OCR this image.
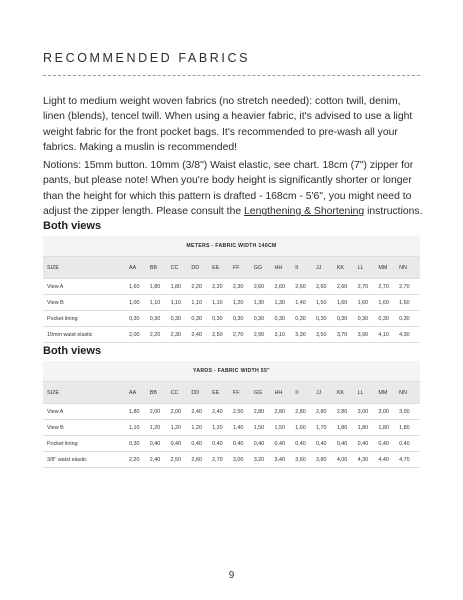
RECOMMENDED FABRICS

Light to medium weight woven fabrics (no stretch needed): cotton twill, denim, linen (blends), tencel twill. When using a heavier fabric, it's advised to use a light weight fabric for the front pocket bags. It's recommended to pre-wash all your fabrics. Making a muslin is recommended!

Notions: 15mm button. 10mm (3/8") Waist elastic, see chart. 18cm (7") zipper for pants, but please note! When you're body height is significantly shorter or longer than the height for which this pattern is drafted - 168cm - 5'6", you might need to adjust the zipper length. Please consult the Lengthening & Shortening instructions.

Both views
METERS - FABRIC WIDTH 140CM														
SIZE	AA	BB	CC	DD	EE	FF	GG	HH	II	JJ	KK	LL	MM	NN
View A	1,60	1,80	1,80	2,20	2,20	2,30	2,60	2,60	2,60	2,60	2,60	2,70	2,70	2,70
View B	1,00	1,10	1,10	1,10	1,10	1,20	1,30	1,30	1,40	1,50	1,60	1,60	1,60	1,60
Pocket lining	0,30	0,30	0,30	0,30	0,30	0,30	0,30	0,30	0,30	0,30	0,30	0,30	0,30	0,30
10mm waist elastic	2,00	2,20	2,30	2,40	2,50	2,70	2,90	3,10	3,30	3,50	3,70	3,90	4,10	4,30
Both views
YARDS - FABRIC WIDTH 55"														
SIZE	AA	BB	CC	DD	EE	FF	GG	HH	II	JJ	KK	LL	MM	NN
View A	1,80	2,00	2,00	2,40	2,40	2,50	2,80	2,80	2,80	2,80	2,80	3,00	3,00	3,00
View B	1,10	1,20	1,20	1,20	1,20	1,40	1,50	1,50	1,60	1,70	1,80	1,80	1,80	1,80
Pocket lining	0,30	0,40	0,40	0,40	0,40	0,40	0,40	0,40	0,40	0,40	0,40	0,40	0,40	0,40
3/8" waist elastic	2,20	2,40	2,50	2,60	2,70	3,00	3,20	3,40	3,60	3,80	4,00	4,30	4,40	4,70
9
